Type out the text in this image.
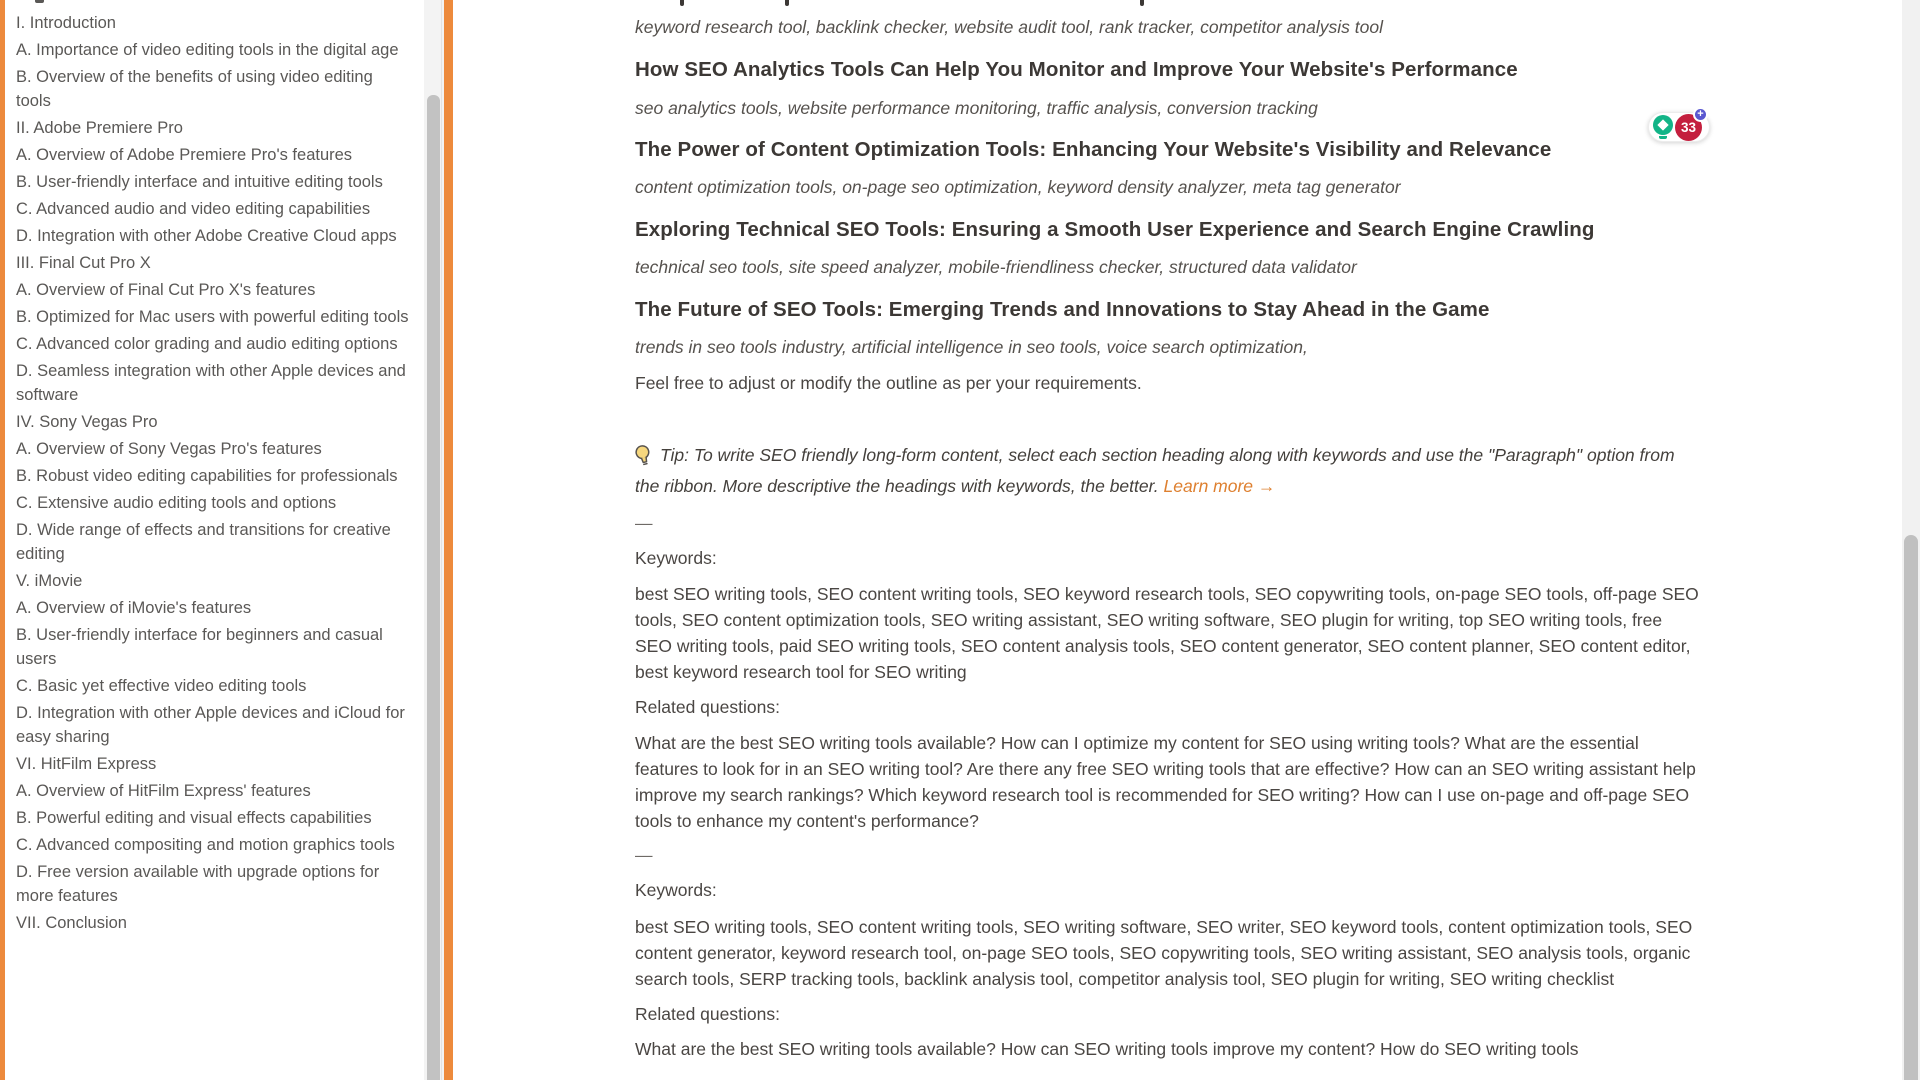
I. Introduction
A. Importance of video editing tools in the digital age
B. Overview of the benefits of using video editing tools
II. Adobe Premiere Pro
A. Overview of Adobe Premiere Pro's features
B. User-friendly interface and intuitive editing tools
C. Advanced audio and video editing capabilities
D. Integration with other Adobe Creative Cloud apps
III. Final Cut Pro X
A. Overview of Final Cut Pro X's features
B. Optimized for Mac users with powerful editing tools
C. Advanced color grading and audio editing options
D. Seamless integration with other Apple devices and software
IV. Sony Vegas Pro
A. Overview of Sony Vegas Pro's features
B. Robust video editing capabilities for professionals
C. Extensive audio editing tools and options
D. Wide range of effects and transitions for creative editing
V. iMovie
A. Overview of iMovie's features
B. User-friendly interface for beginners and casual users
C. Basic yet effective video editing tools
D. Integration with other Apple devices and iCloud for easy sharing
VI. HitFilm Express
A. Overview of HitFilm Express' features
B. Powerful editing and visual effects capabilities
C. Advanced compositing and motion graphics tools
D. Free version available with upgrade options for more features
VII. Conclusion

keyword research tool, backlink checker, website audit tool, rank tracker, competitor analysis tool

How SEO Analytics Tools Can Help You Monitor and Improve Your Website's Performance

seo analytics tools, website performance monitoring, traffic analysis, conversion tracking

The Power of Content Optimization Tools: Enhancing Your Website's Visibility and Relevance

content optimization tools, on-page seo optimization, keyword density analyzer, meta tag generator

Exploring Technical SEO Tools: Ensuring a Smooth User Experience and Search Engine Crawling

technical seo tools, site speed analyzer, mobile-friendliness checker, structured data validator

The Future of SEO Tools: Emerging Trends and Innovations to Stay Ahead in the Game

trends in seo tools industry, artificial intelligence in seo tools, voice search optimization,

Feel free to adjust or modify the outline as per your requirements.

Tip: To write SEO friendly long-form content, select each section heading along with keywords and use the "Paragraph" option from the ribbon. More descriptive the headings with keywords, the better. Learn more →

—

Keywords:

best SEO writing tools, SEO content writing tools, SEO keyword research tools, SEO copywriting tools, on-page SEO tools, off-page SEO tools, SEO content optimization tools, SEO writing assistant, SEO writing software, SEO plugin for writing, top SEO writing tools, free SEO writing tools, paid SEO writing tools, SEO content analysis tools, SEO content generator, SEO content planner, SEO content editor, best keyword research tool for SEO writing

Related questions:

What are the best SEO writing tools available? How can I optimize my content for SEO using writing tools? What are the essential features to look for in an SEO writing tool? Are there any free SEO writing tools that are effective? How can an SEO writing assistant help improve my search rankings? Which keyword research tool is recommended for SEO writing? How can I use on-page and off-page SEO tools to enhance my content's performance?

—

Keywords:

best SEO writing tools, SEO content writing tools, SEO writing software, SEO writer, SEO keyword tools, content optimization tools, SEO content generator, keyword research tool, on-page SEO tools, SEO copywriting tools, SEO writing assistant, SEO analysis tools, organic search tools, SERP tracking tools, backlink analysis tool, competitor analysis tool, SEO plugin for writing, SEO writing checklist

Related questions:

What are the best SEO writing tools available? How can SEO writing tools improve my content? How do SEO writing tools

33
+
